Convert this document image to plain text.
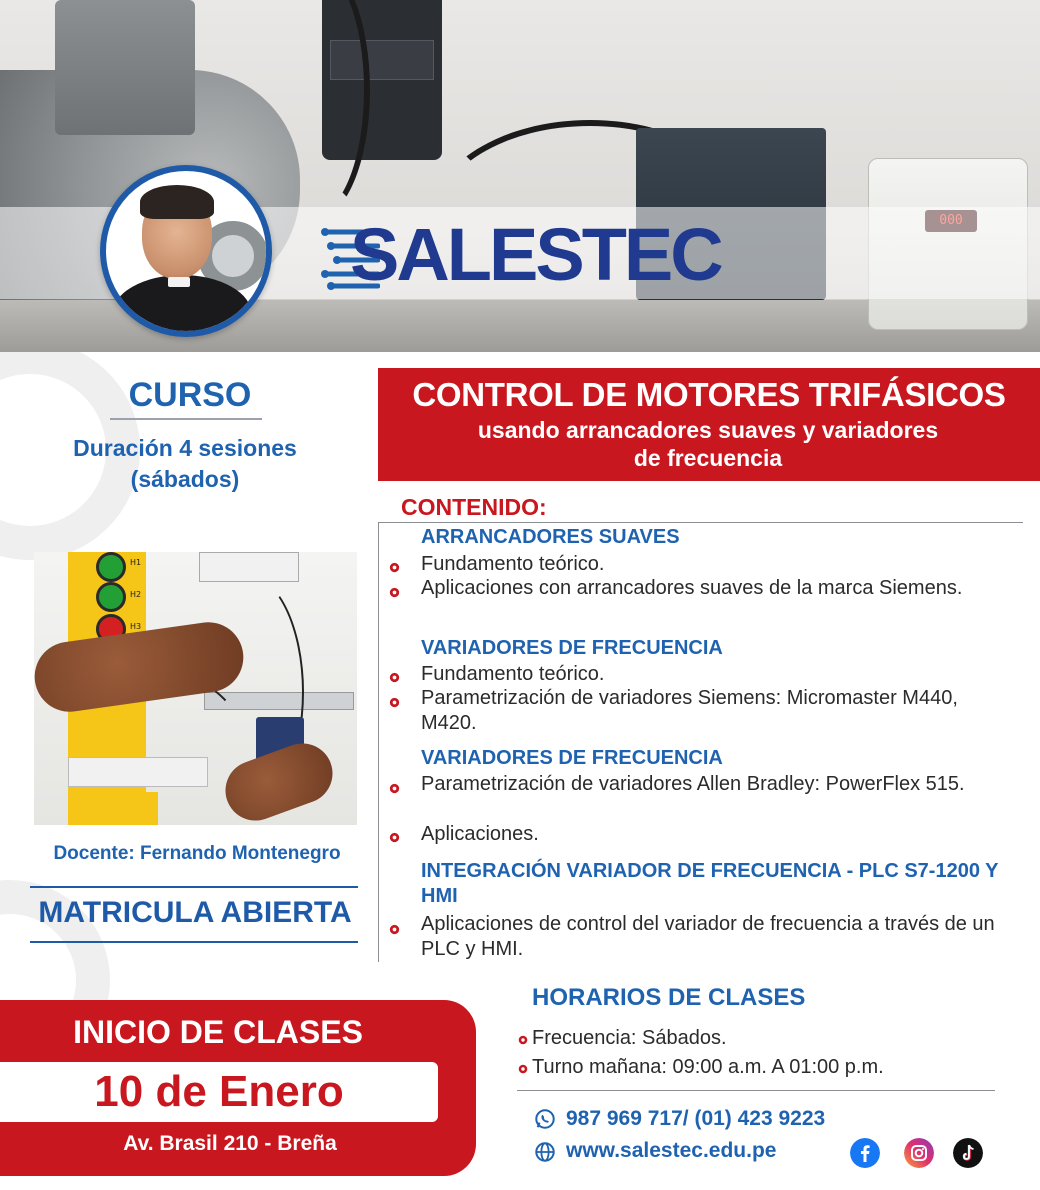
SALESTEC
CURSO
Duración 4 sesiones
(sábados)
H1
H2
H3
Docente: Fernando Montenegro
MATRICULA ABIERTA
CONTROL DE MOTORES TRIFÁSICOS
usando arrancadores suaves y variadores
de frecuencia
CONTENIDO:
ARRANCADORES SUAVES
Fundamento teórico.
Aplicaciones con arrancadores suaves de la marca Siemens.
VARIADORES DE FRECUENCIA
Fundamento teórico.
Parametrización de variadores Siemens: Micromaster M440, M420.
VARIADORES DE FRECUENCIA
Parametrización de variadores Allen Bradley: PowerFlex 515.
Aplicaciones.
INTEGRACIÓN VARIADOR DE FRECUENCIA - PLC S7-1200 Y HMI
Aplicaciones de control del variador de frecuencia a través de un PLC y HMI.
INICIO DE CLASES
10 de Enero
Av. Brasil 210 - Breña
HORARIOS DE CLASES
Frecuencia: Sábados.
Turno mañana: 09:00 a.m. A 01:00 p.m.
987 969 717/ (01) 423 9223
www.salestec.edu.pe
